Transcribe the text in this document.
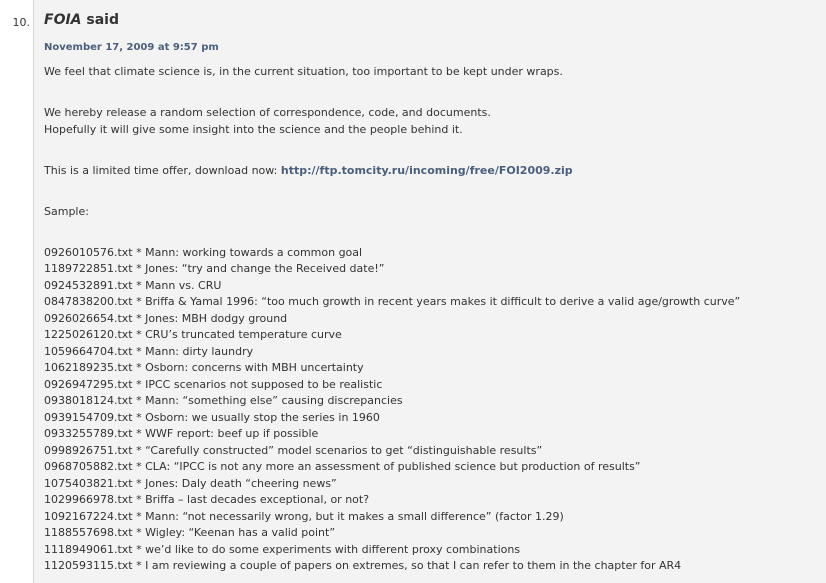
10. FOIA said
November 17, 2009 at 9:57 pm

We feel that climate science is, in the current situation, too important to be kept under wraps.

We hereby release a random selection of correspondence, code, and documents.
Hopefully it will give some insight into the science and the people behind it.

This is a limited time offer, download now: http://ftp.tomcity.ru/incoming/free/FOI2009.zip

Sample:

0926010576.txt * Mann: working towards a common goal
1189722851.txt * Jones: “try and change the Received date!”
0924532891.txt * Mann vs. CRU
0847838200.txt * Briffa & Yamal 1996: “too much growth in recent years makes it difficult to derive a valid age/growth curve”
0926026654.txt * Jones: MBH dodgy ground
1225026120.txt * CRU’s truncated temperature curve
1059664704.txt * Mann: dirty laundry
1062189235.txt * Osborn: concerns with MBH uncertainty
0926947295.txt * IPCC scenarios not supposed to be realistic
0938018124.txt * Mann: “something else” causing discrepancies
0939154709.txt * Osborn: we usually stop the series in 1960
0933255789.txt * WWF report: beef up if possible
0998926751.txt * “Carefully constructed” model scenarios to get “distinguishable results”
0968705882.txt * CLA: “IPCC is not any more an assessment of published science but production of results”
1075403821.txt * Jones: Daly death “cheering news”
1029966978.txt * Briffa – last decades exceptional, or not?
1092167224.txt * Mann: “not necessarily wrong, but it makes a small difference” (factor 1.29)
1188557698.txt * Wigley: “Keenan has a valid point”
1118949061.txt * we’d like to do some experiments with different proxy combinations
1120593115.txt * I am reviewing a couple of papers on extremes, so that I can refer to them in the chapter for AR4
